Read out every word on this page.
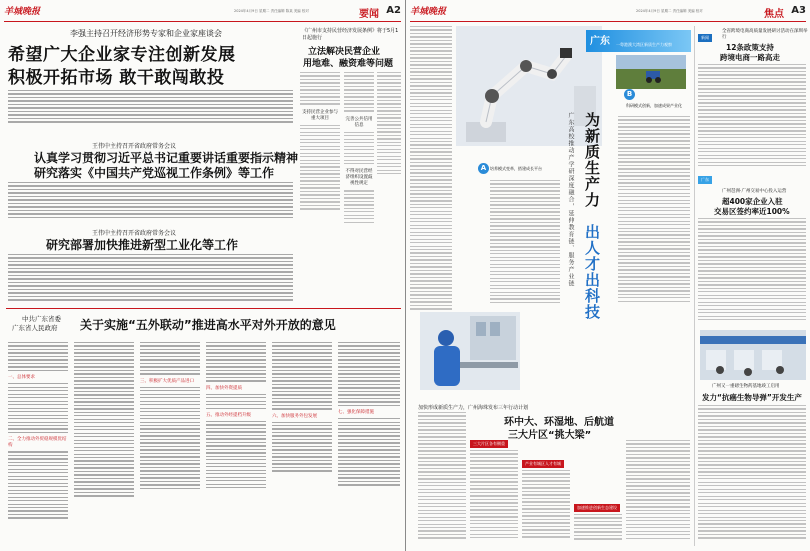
羊城晚报	2024年4月9日 星期二 责任编辑 陈某 美编 校对	要闻 A2
李强主持召开经济形势专家和企业家座谈会
希望广大企业家专注创新发展
积极开拓市场 敢干敢闯敢投
王伟中主持召开省政府常务会议
认真学习贯彻习近平总书记重要讲话重要指示精神
研究落实《中国共产党巡视工作条例》等工作
王伟中主持召开省政府常务会议
研究部署加快推进新型工业化等工作
《广州市支持民营经济发展条例》将于5月1日起施行
立法解决民营企业
用地难、融资难等问题
支持民营企业参与重大项目	完善公共信用信息
不得对民营经济组织设置歧视性规定
中共广东省委
广东省人民政府 关于实施“五外联动”推进高水平对外开放的意见
一、总体要求
二、全力推动外贸稳规模优结构
三、积极扩大优质产品进口
四、加快外资提质
五、推动外经提档升级	六、加快服务外包发展
七、强化保障措施
羊城晚报	2024年4月9日 星期二 责任编辑 美编 校对	焦点 A3
广东 一粤港澳大湾区新质生产力观察
为新质生产力
出人才出科技
广东高校推动产学研深度融合，延伸教育链、服务产业链
A
B
培养模式变革，搭建成长平台
科研模式创新，加速成果产业化
加快形成新质生产力，广州海珠发布三年行动计划
环中大、环湿地、后航道
三大片区“挑大梁”
三大片区各有侧重
产业有城区人才有城
加速推进创新生态建设
新闻
全省跨境电商高质量发展研讨活动在深圳举行
12条政策支持
跨境电商一路高走
广东
广州琶洲·广州交易中心投入运营
超400家企业入驻
交易区签约率近100%
广州又一重磅生物药基地竣工启用
发力“抗癌生物导弹”开发生产
